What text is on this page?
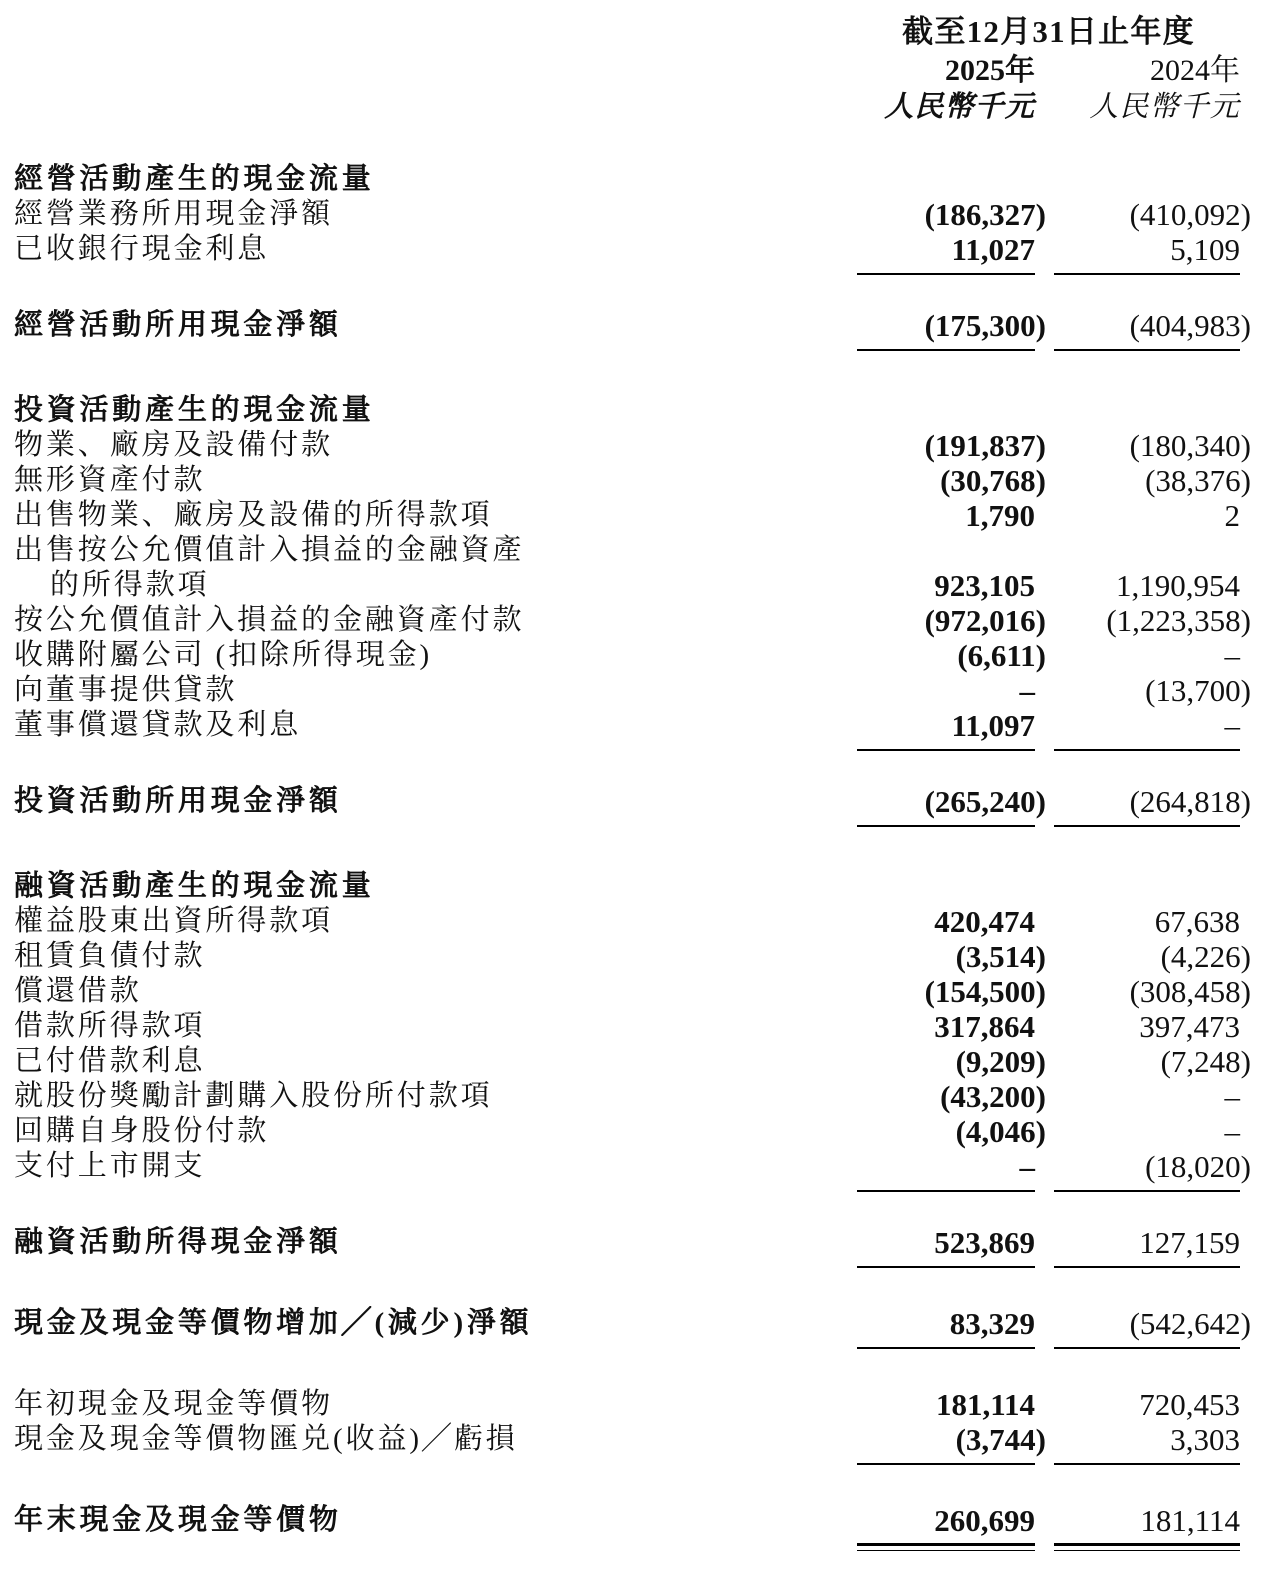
截至12月31日止年度
2025年	2024年
人民幣千元	人民幣千元
經營活動產生的現金流量
經營業務所用現金淨額	(186,327)	(410,092)
已收銀行現金利息	11,027	5,109
經營活動所用現金淨額	(175,300)	(404,983)
投資活動產生的現金流量
物業、廠房及設備付款	(191,837)	(180,340)
無形資產付款	(30,768)	(38,376)
出售物業、廠房及設備的所得款項	1,790	2
出售按公允價值計入損益的金融資產
的所得款項	923,105	1,190,954
按公允價值計入損益的金融資產付款	(972,016)	(1,223,358)
收購附屬公司 (扣除所得現金)	(6,611)	–
向董事提供貸款	–	(13,700)
董事償還貸款及利息	11,097	–
投資活動所用現金淨額	(265,240)	(264,818)
融資活動產生的現金流量
權益股東出資所得款項	420,474	67,638
租賃負債付款	(3,514)	(4,226)
償還借款	(154,500)	(308,458)
借款所得款項	317,864	397,473
已付借款利息	(9,209)	(7,248)
就股份獎勵計劃購入股份所付款項	(43,200)	–
回購自身股份付款	(4,046)	–
支付上市開支	–	(18,020)
融資活動所得現金淨額	523,869	127,159
現金及現金等價物增加╱(減少)淨額	83,329	(542,642)
年初現金及現金等價物	181,114	720,453
現金及現金等價物匯兑(收益)╱虧損	(3,744)	3,303
年末現金及現金等價物	260,699	181,114
